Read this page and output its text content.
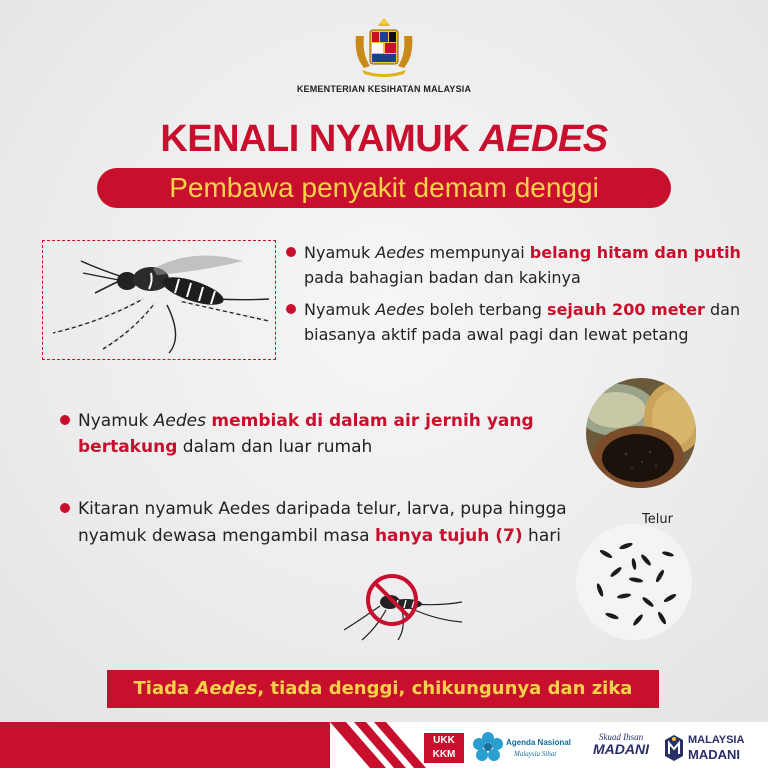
KEMENTERIAN KESIHATAN MALAYSIA
KENALI NYAMUK AEDES
Pembawa penyakit demam denggi
Nyamuk Aedes mempunyai belang hitam dan putih pada bahagian badan dan kakinya
Nyamuk Aedes boleh terbang sejauh 200 meter dan biasanya aktif pada awal pagi dan lewat petang
Nyamuk Aedes membiak di dalam air jernih yang bertakung dalam dan luar rumah
Kitaran nyamuk Aedes daripada telur, larva, pupa hingga nyamuk dewasa mengambil masa hanya tujuh (7) hari
Telur
Tiada Aedes, tiada denggi, chikungunya dan zika
UKK
KKM
Agenda Nasional
Malaysia Sihat
Skuad Ihsan
MADANI
MALAYSIA
MADANI
